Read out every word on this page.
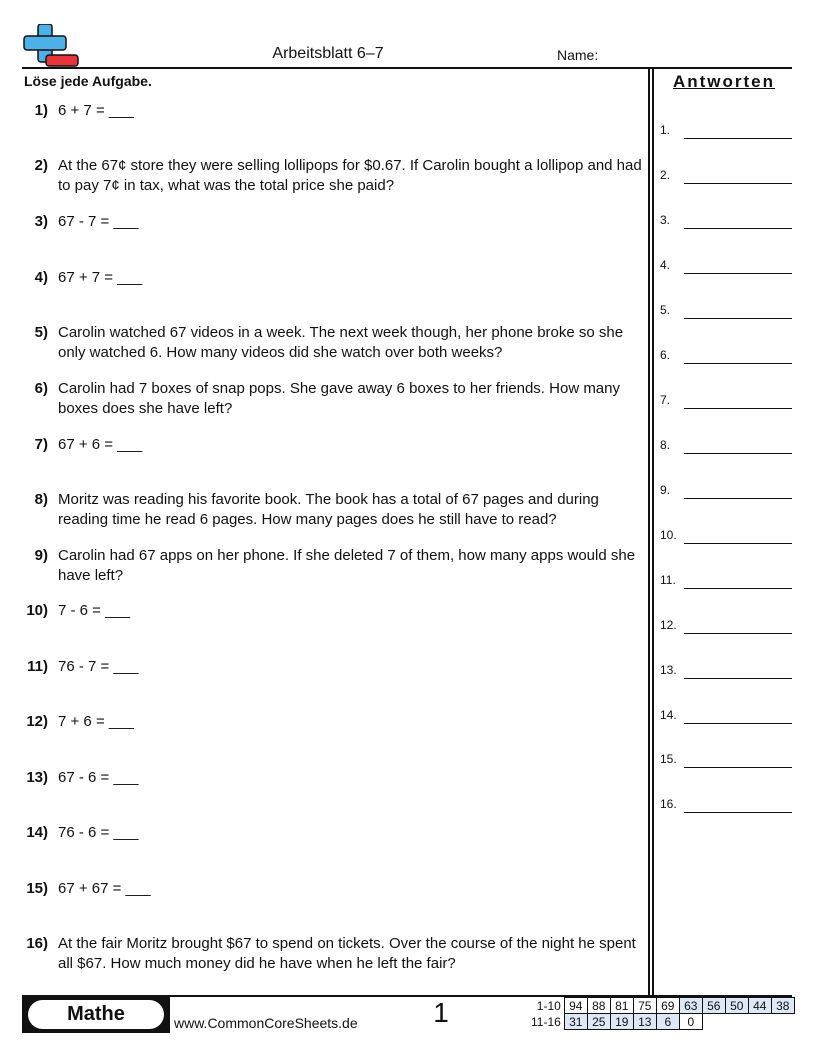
Arbeitsblatt 6–7	Name:
Löse jede Aufgabe.
1) 6 + 7 = ___
2) At the 67¢ store they were selling lollipops for $0.67. If Carolin bought a lollipop and had to pay 7¢ in tax, what was the total price she paid?
3) 67 - 7 = ___
4) 67 + 7 = ___
5) Carolin watched 67 videos in a week. The next week though, her phone broke so she only watched 6. How many videos did she watch over both weeks?
6) Carolin had 7 boxes of snap pops. She gave away 6 boxes to her friends. How many boxes does she have left?
7) 67 + 6 = ___
8) Moritz was reading his favorite book. The book has a total of 67 pages and during reading time he read 6 pages. How many pages does he still have to read?
9) Carolin had 67 apps on her phone. If she deleted 7 of them, how many apps would she have left?
10) 7 - 6 = ___
11) 76 - 7 = ___
12) 7 + 6 = ___
13) 67 - 6 = ___
14) 76 - 6 = ___
15) 67 + 67 = ___
16) At the fair Moritz brought $67 to spend on tickets. Over the course of the night he spent all $67. How much money did he have when he left the fair?
Antworten
1.
2.
3.
4.
5.
6.
7.
8.
9.
10.
11.
12.
13.
14.
15.
16.
Mathe	www.CommonCoreSheets.de	1	1-10	94	88	81	75	69	63	56	50	44	38
11-16	31	25	19	13	6	0				
